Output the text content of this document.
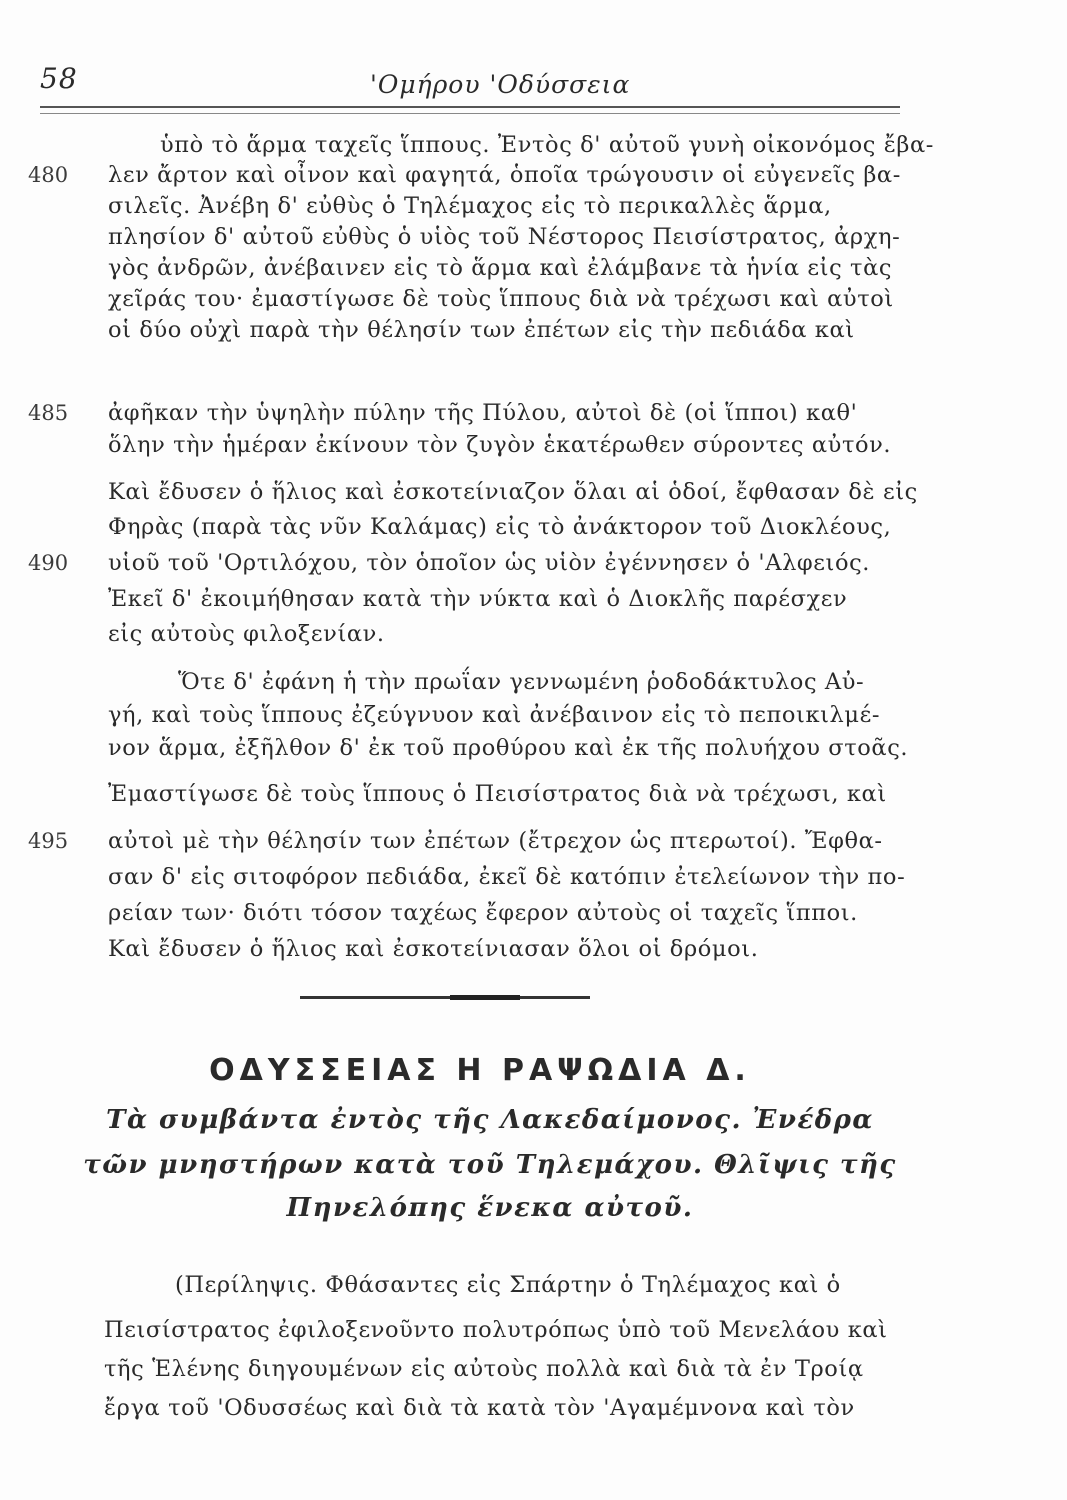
58	'Ομήρου 'Οδύσσεια
480
485
490
495
ὑπὸ τὸ ἅρμα ταχεῖς ἵππους. Ἐντὸς δ' αὐτοῦ γυνὴ οἰκονόμος ἔβα-
λεν ἄρτον καὶ οἶνον καὶ φαγητά, ὁποῖα τρώγουσιν οἱ εὐγενεῖς βα-
σιλεῖς. Ἀνέβη δ' εὐθὺς ὁ Τηλέμαχος εἰς τὸ περικαλλὲς ἅρμα,
πλησίον δ' αὐτοῦ εὐθὺς ὁ υἱὸς τοῦ Νέστορος Πεισίστρατος, ἀρχη-
γὸς ἀνδρῶν, ἀνέβαινεν εἰς τὸ ἅρμα καὶ ἐλάμβανε τὰ ἡνία εἰς τὰς
χεῖράς του· ἐμαστίγωσε δὲ τοὺς ἵππους διὰ νὰ τρέχωσι καὶ αὐτοὶ
οἱ δύο οὐχὶ παρὰ τὴν θέλησίν των ἐπέτων εἰς τὴν πεδιάδα καὶ
ἀφῆκαν τὴν ὑψηλὴν πύλην τῆς Πύλου, αὐτοὶ δὲ (οἱ ἵπποι) καθ'
ὅλην τὴν ἡμέραν ἐκίνουν τὸν ζυγὸν ἑκατέρωθεν σύροντες αὐτόν.
Καὶ ἔδυσεν ὁ ἥλιος καὶ ἐσκοτείνιαζον ὅλαι αἱ ὁδοί, ἔφθασαν δὲ εἰς
Φηρὰς (παρὰ τὰς νῦν Καλάμας) εἰς τὸ ἀνάκτορον τοῦ Διοκλέους,
υἱοῦ τοῦ 'Ορτιλόχου, τὸν ὁποῖον ὡς υἱὸν ἐγέννησεν ὁ 'Αλφειός.
Ἐκεῖ δ' ἐκοιμήθησαν κατὰ τὴν νύκτα καὶ ὁ Διοκλῆς παρέσχεν
εἰς αὐτοὺς φιλοξενίαν.
Ὅτε δ' ἐφάνη ἡ τὴν πρωΐαν γεννωμένη ῥοδοδάκτυλος Αὐ-
γή, καὶ τοὺς ἵππους ἐζεύγνυον καὶ ἀνέβαινον εἰς τὸ πεποικιλμέ-
νον ἅρμα, ἐξῆλθον δ' ἐκ τοῦ προθύρου καὶ ἐκ τῆς πολυήχου στοᾶς.
Ἐμαστίγωσε δὲ τοὺς ἵππους ὁ Πεισίστρατος διὰ νὰ τρέχωσι, καὶ
αὐτοὶ μὲ τὴν θέλησίν των ἐπέτων (ἔτρεχον ὡς πτερωτοί). Ἔφθα-
σαν δ' εἰς σιτοφόρον πεδιάδα, ἐκεῖ δὲ κατόπιν ἐτελείωνον τὴν πο-
ρείαν των· διότι τόσον ταχέως ἔφερον αὐτοὺς οἱ ταχεῖς ἵπποι.
Καὶ ἔδυσεν ὁ ἥλιος καὶ ἐσκοτείνιασαν ὅλοι οἱ δρόμοι.
ΟΔΥΣΣΕΙΑΣ Η ΡΑΨΩΔΙΑ Δ.
Τὰ συμβάντα ἐντὸς τῆς Λακεδαίμονος. Ἐνέδρα
τῶν μνηστήρων κατὰ τοῦ Τηλεμάχου. Θλῖψις τῆς
Πηνελόπης ἕνεκα αὐτοῦ.
(Περίληψις. Φθάσαντες εἰς Σπάρτην ὁ Τηλέμαχος καὶ ὁ
Πεισίστρατος ἐφιλοξενοῦντο πολυτρόπως ὑπὸ τοῦ Μενελάου καὶ
τῆς Ἑλένης διηγουμένων εἰς αὐτοὺς πολλὰ καὶ διὰ τὰ ἐν Τροίᾳ
ἔργα τοῦ 'Οδυσσέως καὶ διὰ τὰ κατὰ τὸν 'Αγαμέμνονα καὶ τὸν
